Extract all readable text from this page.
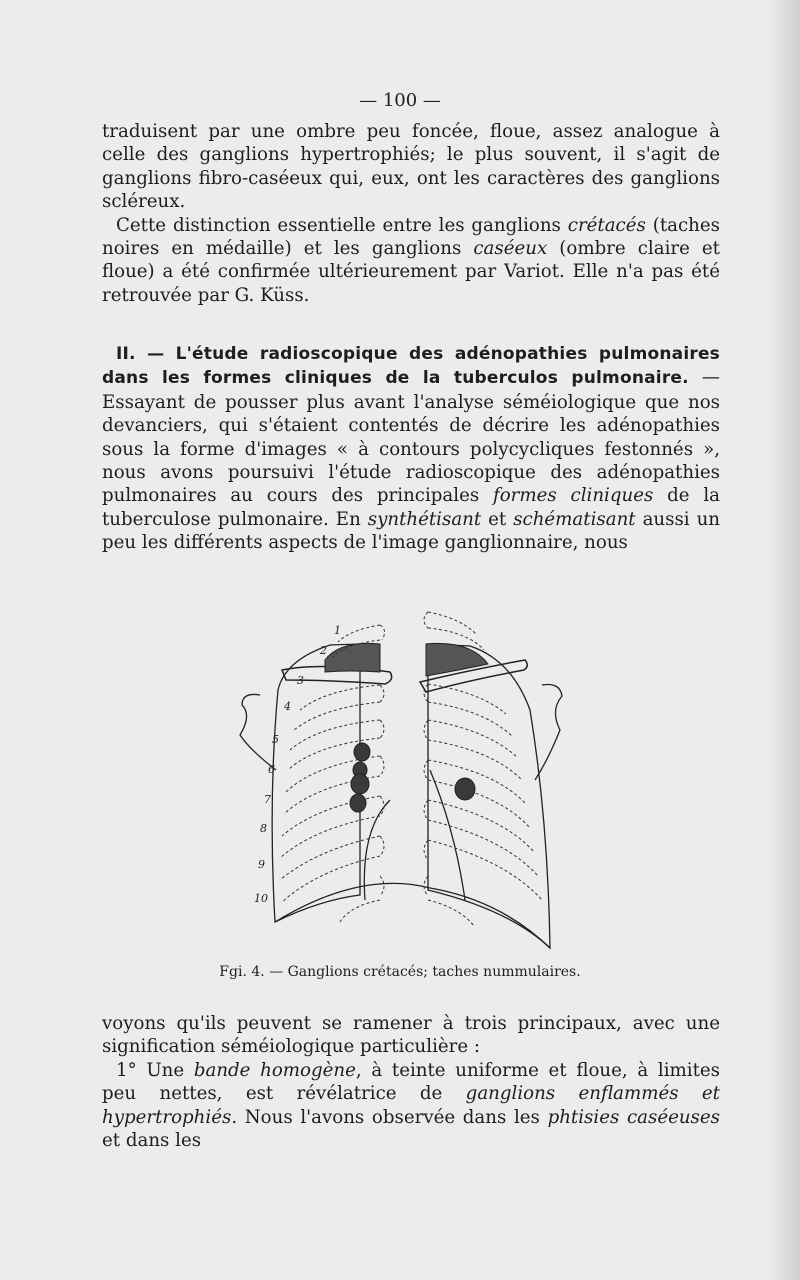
— 100 —

traduisent par une ombre peu foncée, floue, assez analogue à celle des ganglions hypertrophiés; le plus souvent, il s'agit de ganglions fibro-caséeux qui, eux, ont les caractères des ganglions scléreux.

Cette distinction essentielle entre les ganglions crétacés (taches noires en médaille) et les ganglions caséeux (ombre claire et floue) a été confirmée ultérieurement par Variot. Elle n'a pas été retrouvée par G. Küss.

II. — L'étude radioscopique des adénopathies pulmonaires dans les formes cliniques de la tuberculos pulmonaire. — Essayant de pousser plus avant l'analyse séméiologique que nos devanciers, qui s'étaient contentés de décrire les adénopathies sous la forme d'images « à contours polycycliques festonnés », nous avons poursuivi l'étude radioscopique des adénopathies pulmonaires au cours des principales formes cliniques de la tuberculose pulmonaire. En synthétisant et schématisant aussi un peu les différents aspects de l'image ganglionnaire, nous

1
2
3
4
5
6
7
8
9
10
Fgi. 4. — Ganglions crétacés; taches nummulaires.

voyons qu'ils peuvent se ramener à trois principaux, avec une signification séméiologique particulière :

1° Une bande homogène, à teinte uniforme et floue, à limites peu nettes, est révélatrice de ganglions enflammés et hypertrophiés. Nous l'avons observée dans les phtisies caséeuses et dans les
